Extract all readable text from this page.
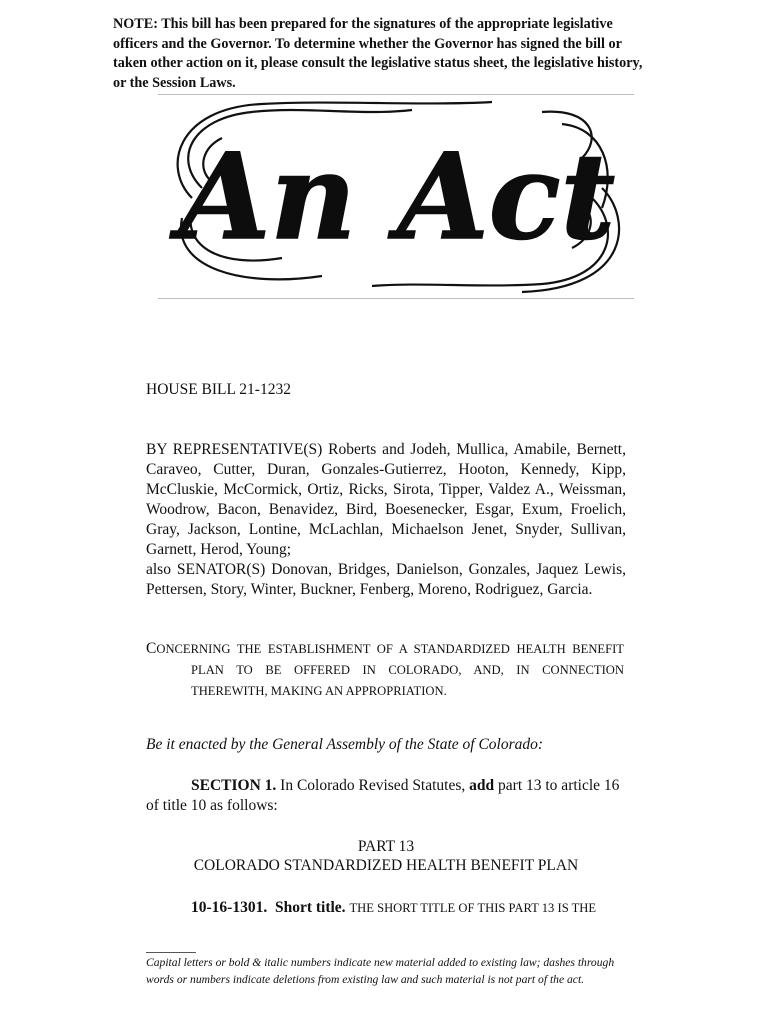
NOTE: This bill has been prepared for the signatures of the appropriate legislative officers and the Governor. To determine whether the Governor has signed the bill or taken other action on it, please consult the legislative status sheet, the legislative history, or the Session Laws.
An Act
HOUSE BILL 21-1232

BY REPRESENTATIVE(S) Roberts and Jodeh, Mullica, Amabile, Bernett, Caraveo, Cutter, Duran, Gonzales-Gutierrez, Hooton, Kennedy, Kipp, McCluskie, McCormick, Ortiz, Ricks, Sirota, Tipper, Valdez A., Weissman, Woodrow, Bacon, Benavidez, Bird, Boesenecker, Esgar, Exum, Froelich, Gray, Jackson, Lontine, McLachlan, Michaelson Jenet, Snyder, Sullivan, Garnett, Herod, Young;

also SENATOR(S) Donovan, Bridges, Danielson, Gonzales, Jaquez Lewis, Pettersen, Story, Winter, Buckner, Fenberg, Moreno, Rodriguez, Garcia.

CONCERNING THE ESTABLISHMENT OF A STANDARDIZED HEALTH BENEFIT PLAN TO BE OFFERED IN COLORADO, AND, IN CONNECTION THEREWITH, MAKING AN APPROPRIATION.
Be it enacted by the General Assembly of the State of Colorado:
SECTION 1. In Colorado Revised Statutes, add part 13 to article 16 of title 10 as follows:
PART 13
COLORADO STANDARDIZED HEALTH BENEFIT PLAN
10-16-1301. Short title. THE SHORT TITLE OF THIS PART 13 IS THE
Capital letters or bold & italic numbers indicate new material added to existing law; dashes through words or numbers indicate deletions from existing law and such material is not part of the act.
